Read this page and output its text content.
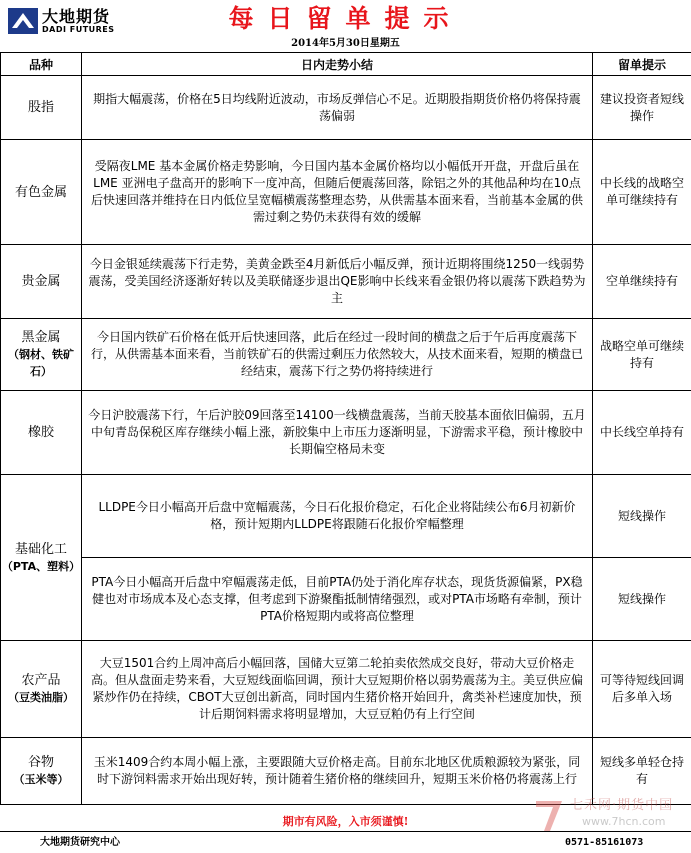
大地期货
DADI FUTURES	每日留单提示
2014年5月30日星期五
品种	日内走势小结	留单提示
股指	期指大幅震荡，价格在5日均线附近波动，市场反弹信心不足。近期股指期货价格仍将保持震荡偏弱	建议投资者短线操作
有色金属	受隔夜LME 基本金属价格走势影响，今日国内基本金属价格均以小幅低开开盘，开盘后虽在LME 亚洲电子盘高开的影响下一度冲高，但随后便震荡回落，除铝之外的其他品种均在10点后快速回落并维持在日内低位呈宽幅横震荡整理态势，从供需基本面来看，当前基本金属的供需过剩之势仍未获得有效的缓解	中长线的战略空单可继续持有
贵金属	今日金银延续震荡下行走势，美黄金跌至4月新低后小幅反弹，预计近期将围绕1250一线弱势震荡，受美国经济逐渐好转以及美联储逐步退出QE影响中长线来看金银仍将以震荡下跌趋势为主	空单继续持有
黑金属
（钢材、铁矿石）	今日国内铁矿石价格在低开后快速回落，此后在经过一段时间的横盘之后于午后再度震荡下行，从供需基本面来看，当前铁矿石的供需过剩压力依然较大，从技术面来看，短期的横盘已经结束，震荡下行之势仍将持续进行	战略空单可继续持有
橡胶	今日沪胶震荡下行，午后沪胶09回落至14100一线横盘震荡，当前天胶基本面依旧偏弱，五月中旬青岛保税区库存继续小幅上涨，新胶集中上市压力逐渐明显，下游需求平稳，预计橡胶中长期偏空格局未变	中长线空单持有
基础化工
（PTA、塑料）	LLDPE今日小幅高开后盘中宽幅震荡，今日石化报价稳定，石化企业将陆续公布6月初新价格，预计短期内LLDPE将跟随石化报价窄幅整理	短线操作
	PTA今日小幅高开后盘中窄幅震荡走低，目前PTA仍处于消化库存状态，现货货源偏紧，PX稳健也对市场成本及心态支撑，但考虑到下游聚酯抵制情绪强烈，或对PTA市场略有牵制，预计PTA价格短期内或将高位整理	短线操作
农产品
（豆类油脂）	大豆1501合约上周冲高后小幅回落，国储大豆第二轮拍卖依然成交良好，带动大豆价格走高。但从盘面走势来看，大豆短线面临回调，预计大豆短期价格以弱势震荡为主。美豆供应偏紧炒作仍在持续，CBOT大豆创出新高，同时国内生猪价格开始回升，禽类补栏速度加快，预计后期饲料需求将明显增加，大豆豆粕仍有上行空间	可等待短线回调后多单入场
谷物
（玉米等）	玉米1409合约本周小幅上涨，主要跟随大豆价格走高。目前东北地区优质粮源较为紧张，同时下游饲料需求开始出现好转，预计随着生猪价格的继续回升，短期玉米价格仍将震荡上行	短线多单轻仓持有
七禾网·期货中国
www.7hcn.com
期市有风险，入市须谨慎!
大地期货研究中心	0571-85161073
